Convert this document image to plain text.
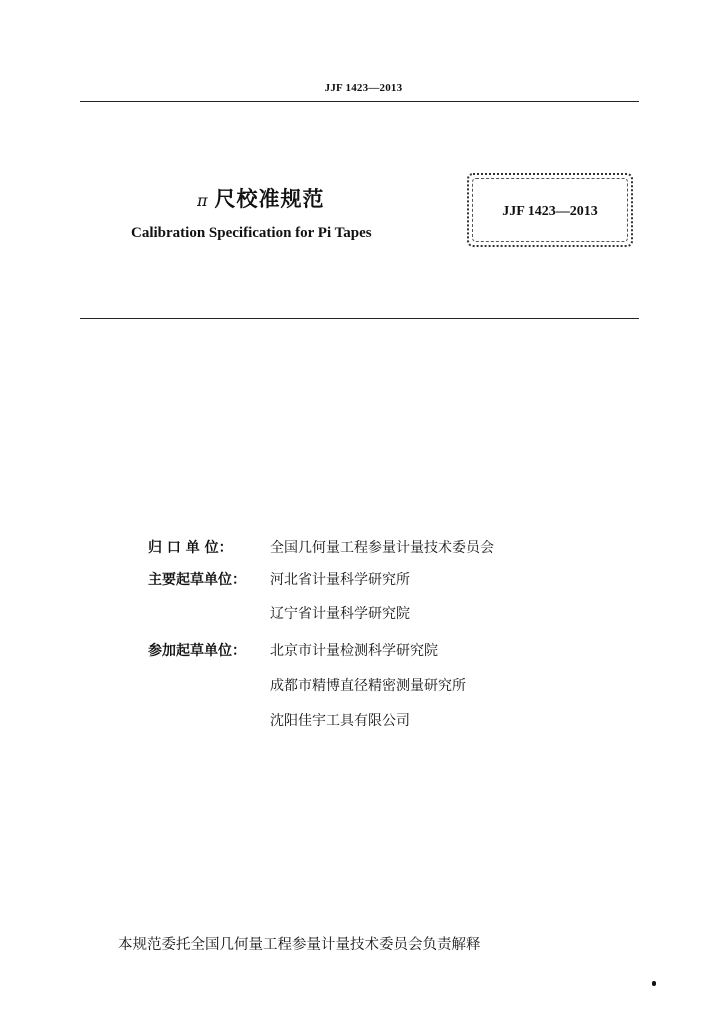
JJF 1423—2013
π 尺校准规范
Calibration Specification for Pi Tapes
JJF 1423—2013
归 口 单 位：	全国几何量工程参量计量技术委员会
主要起草单位： 河北省计量科学研究所
辽宁省计量科学研究院
参加起草单位： 北京市计量检测科学研究院
成都市精博直径精密测量研究所
沈阳佳宇工具有限公司
本规范委托全国几何量工程参量计量技术委员会负责解释
